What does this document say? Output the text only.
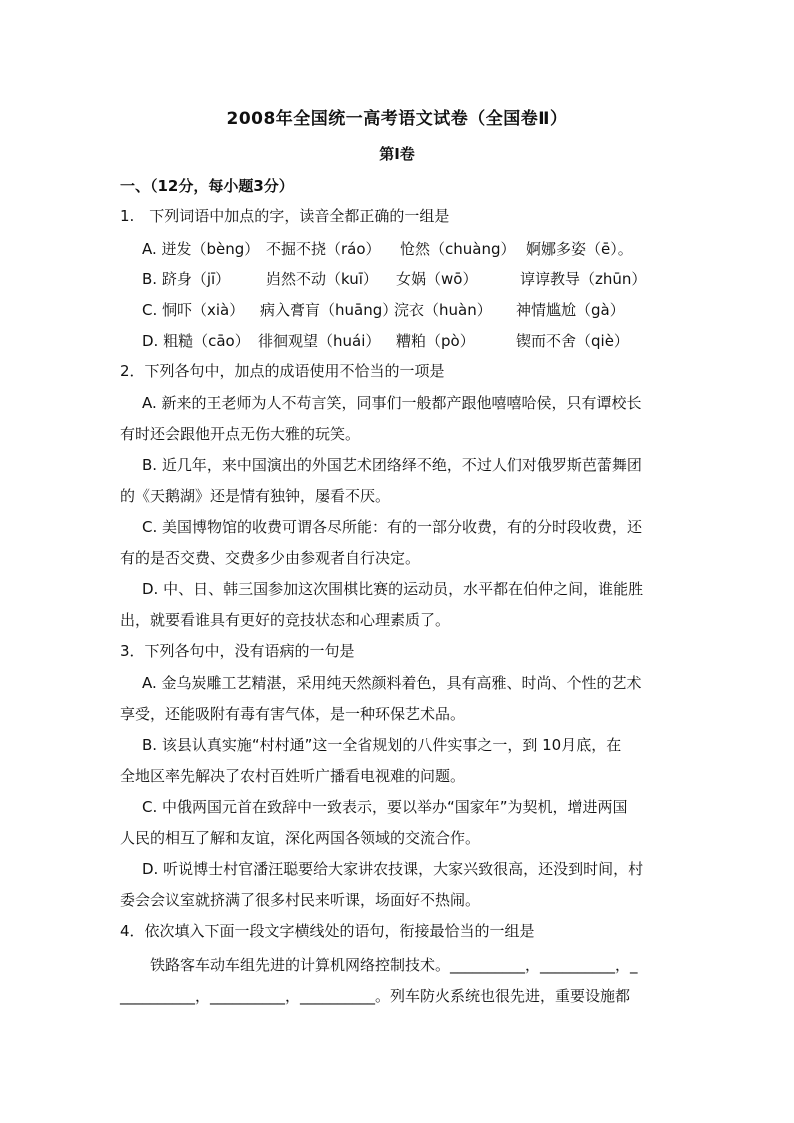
2008年全国统一高考语文试卷（全国卷Ⅱ）
第Ⅰ卷
一、（12分，每小题3分）
1.　下列词语中加点的字，读音全都正确的一组是
A. 迸发（bèng） 不掘不挠（ráo） 怆然（chuàng） 婀娜多姿（ē）。
B. 跻身（jī） 岿然不动（kuī） 女娲（wō）	谆谆教导（zhūn）
C. 恫吓（xià） 病入膏肓（huāng）
浣衣（huàn） 神情尴尬（gà）
D. 粗糙（cāo） 徘徊观望（huái） 糟粕（pò）	锲而不舍（qiè）
2．下列各句中，加点的成语使用不恰当的一项是
A. 新来的王老师为人不苟言笑，同事们一般都产跟他嘻嘻哈侯，只有谭校长
有时还会跟他开点无伤大雅的玩笑。
B. 近几年，来中国演出的外国艺术团络绎不绝，不过人们对俄罗斯芭蕾舞团
的《天鹅湖》还是情有独钟，屡看不厌。
C. 美国博物馆的收费可谓各尽所能：有的一部分收费，有的分时段收费，还
有的是否交费、交费多少由参观者自行决定。
D. 中、日、韩三国参加这次围棋比赛的运动员，水平都在伯仲之间，谁能胜
出，就要看谁具有更好的竞技状态和心理素质了。
3．下列各句中，没有语病的一句是
A. 金乌炭雕工艺精湛，采用纯天然颜料着色，具有高雅、时尚、个性的艺术
享受，还能吸附有毒有害气体，是一种环保艺术品。
B. 该县认真实施“村村通”这一全省规划的八件实事之一，到 10月底，在
全地区率先解决了农村百姓听广播看电视难的问题。
C. 中俄两国元首在致辞中一致表示，要以举办“国家年”为契机，增进两国
人民的相互了解和友谊，深化两国各领域的交流合作。
D. 听说博士村官潘汪聪要给大家讲农技课，大家兴致很高，还没到时间，村
委会会议室就挤满了很多村民来听课，场面好不热闹。
4．依次填入下面一段文字横线处的语句，衔接最恰当的一组是
　　铁路客车动车组先进的计算机网络控制技术。__________，__________，_
__________，__________，__________。列车防火系统也很先进，重要设施都
